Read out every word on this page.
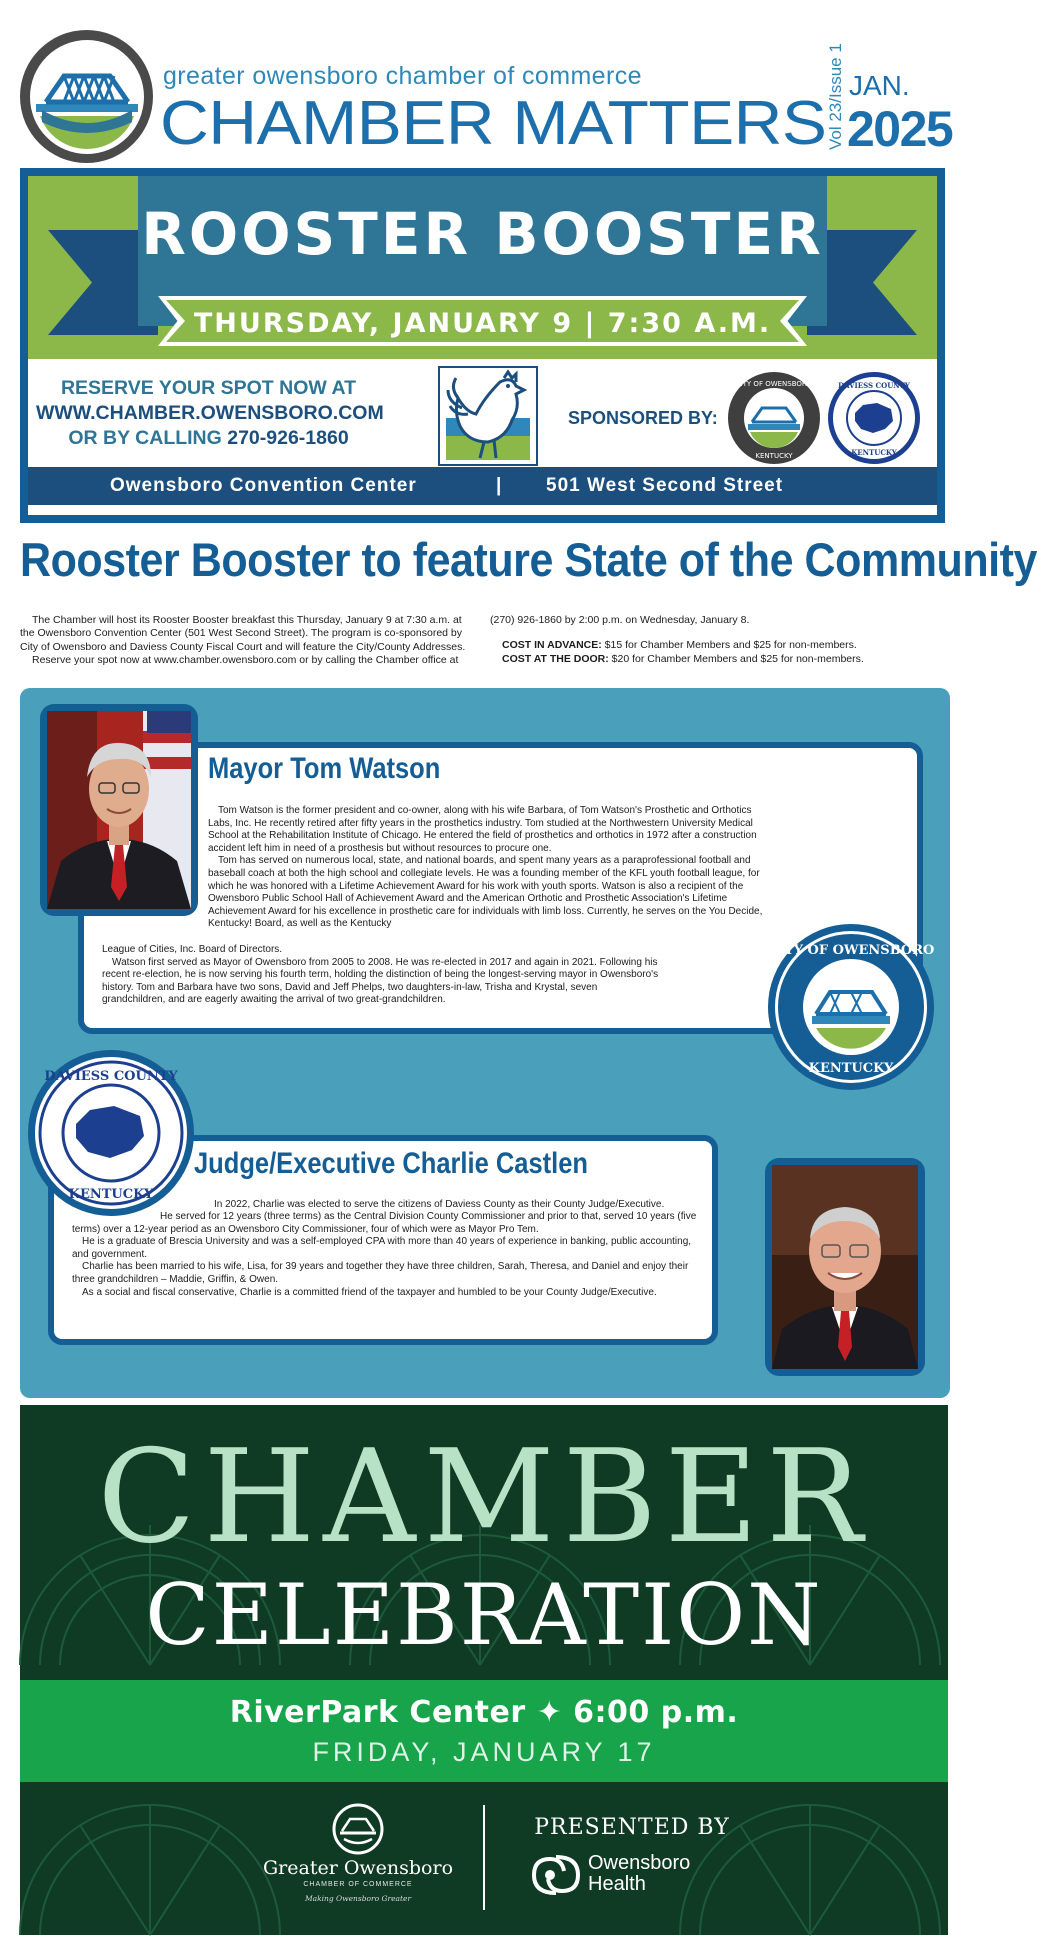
greater owensboro chamber of commerce
CHAMBER MATTERS Vol 23/Issue 1 JAN.
2025
ROOSTER BOOSTER
THURSDAY, JANUARY 9 | 7:30 A.M.
RESERVE YOUR SPOT NOW AT
WWW.CHAMBER.OWENSBORO.COM
OR BY CALLING 270-926-1860
SPONSORED BY:
CITY OF OWENSBORO
KENTUCKY
DAVIESS COUNTY
KENTUCKY
Owensboro Convention Center	| 501 West Second Street
Rooster Booster to feature State of the Community

The Chamber will host its Rooster Booster breakfast this Thursday, January 9 at 7:30 a.m. at the Owensboro Convention Center (501 West Second Street). The program is co-sponsored by City of Owensboro and Daviess County Fiscal Court and will feature the City/County Addresses.

Reserve your spot now at www.chamber.owensboro.com or by calling the Chamber office at

(270) 926-1860 by 2:00 p.m. on Wednesday, January 8.

COST IN ADVANCE: $15 for Chamber Members and $25 for non-members.

COST AT THE DOOR: $20 for Chamber Members and $25 for non-members.

Mayor Tom Watson

Tom Watson is the former president and co-owner, along with his wife Barbara, of Tom Watson's Prosthetic and Orthotics Labs, Inc. He recently retired after fifty years in the prosthetics industry. Tom studied at the Northwestern University Medical School at the Rehabilitation Institute of Chicago. He entered the field of prosthetics and orthotics in 1972 after a construction accident left him in need of a prosthesis but without resources to procure one.

Tom has served on numerous local, state, and national boards, and spent many years as a paraprofessional football and baseball coach at both the high school and collegiate levels. He was a founding member of the KFL youth football league, for which he was honored with a Lifetime Achievement Award for his work with youth sports. Watson is also a recipient of the Owensboro Public School Hall of Achievement Award and the American Orthotic and Prosthetic Association's Lifetime Achievement Award for his excellence in prosthetic care for individuals with limb loss. Currently, he serves on the You Decide, Kentucky! Board, as well as the Kentucky

League of Cities, Inc. Board of Directors.

Watson first served as Mayor of Owensboro from 2005 to 2008. He was re-elected in 2017 and again in 2021. Following his recent re-election, he is now serving his fourth term, holding the distinction of being the longest-serving mayor in Owensboro's history. Tom and Barbara have two sons, David and Jeff Phelps, two daughters-in-law, Trisha and Krystal, seven grandchildren, and are eagerly awaiting the arrival of two great-grandchildren.

CITY OF OWENSBORO
KENTUCKY
Judge/Executive Charlie Castlen

In 2022, Charlie was elected to serve the citizens of Daviess County as their County Judge/Executive.

He served for 12 years (three terms) as the Central Division County Commissioner and prior to that, served 10 years (five terms) over a 12-year period as an Owensboro City Commissioner, four of which were as Mayor Pro Tem.

He is a graduate of Brescia University and was a self-employed CPA with more than 40 years of experience in banking, public accounting, and government.

Charlie has been married to his wife, Lisa, for 39 years and together they have three children, Sarah, Theresa, and Daniel and enjoy their three grandchildren – Maddie, Griffin, & Owen.

As a social and fiscal conservative, Charlie is a committed friend of the taxpayer and humbled to be your County Judge/Executive.

DAVIESS COUNTY
KENTUCKY
CHAMBER
CELEBRATION
RiverPark Center ✦ 6:00 p.m.
FRIDAY, JANUARY 17
Greater Owensboro
CHAMBER OF COMMERCE
Making Owensboro Greater
PRESENTED BY
Owensboro
Health
